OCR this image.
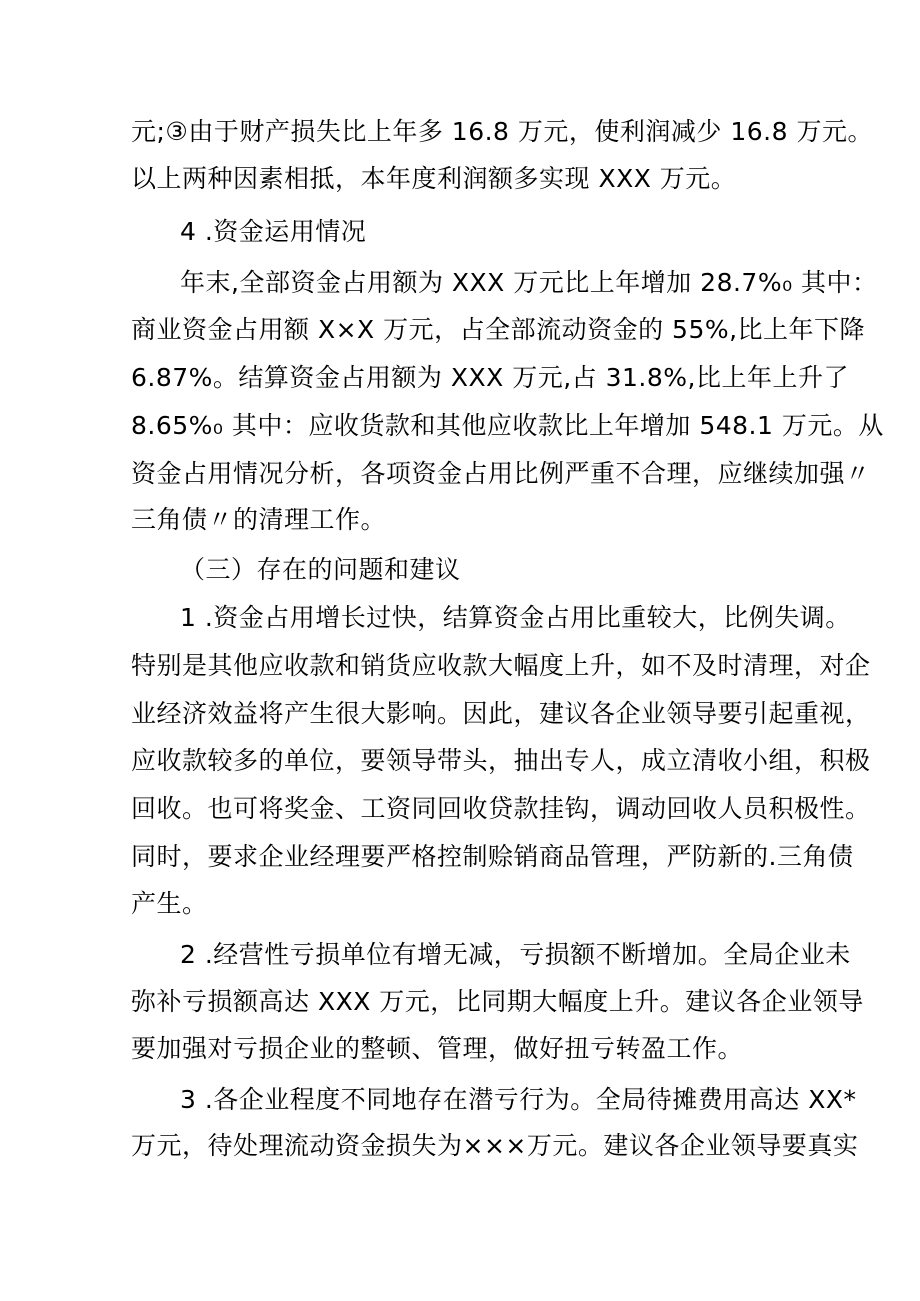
元;③由于财产损失比上年多 16.8 万元，使利润减少 16.8 万元。
以上两种因素相抵，本年度利润额多实现 XXX 万元。
4 .资金运用情况
年末,全部资金占用额为 XXX 万元比上年增加 28.7%₀ 其中：
商业资金占用额 X×X 万元，占全部流动资金的 55%,比上年下降
6.87%。结算资金占用额为 XXX 万元,占 31.8%,比上年上升了
8.65%₀ 其中：应收货款和其他应收款比上年增加 548.1 万元。从
资金占用情况分析，各项资金占用比例严重不合理，应继续加强〃
三角债〃的清理工作。
（三）存在的问题和建议
1 .资金占用增长过快，结算资金占用比重较大，比例失调。
特别是其他应收款和销货应收款大幅度上升，如不及时清理，对企
业经济效益将产生很大影响。因此，建议各企业领导要引起重视，
应收款较多的单位，要领导带头，抽出专人，成立清收小组，积极
回收。也可将奖金、工资同回收贷款挂钩，调动回收人员积极性。
同时，要求企业经理要严格控制赊销商品管理，严防新的.三角债
产生。
2 .经营性亏损单位有增无减，亏损额不断增加。全局企业未
弥补亏损额高达 XXX 万元，比同期大幅度上升。建议各企业领导
要加强对亏损企业的整顿、管理，做好扭亏转盈工作。
3 .各企业程度不同地存在潜亏行为。全局待摊费用高达 XX*
万元，待处理流动资金损失为×××万元。建议各企业领导要真实
